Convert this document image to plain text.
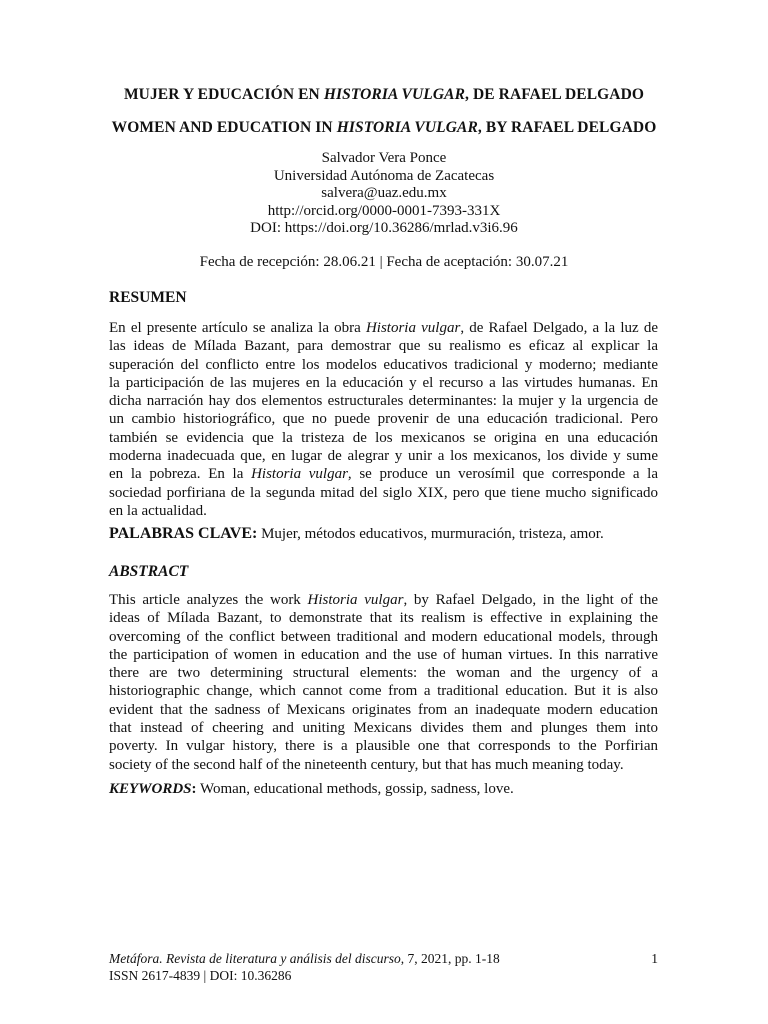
MUJER Y EDUCACIÓN EN HISTORIA VULGAR, DE RAFAEL DELGADO
WOMEN AND EDUCATION IN HISTORIA VULGAR, BY RAFAEL DELGADO
Salvador Vera Ponce
Universidad Autónoma de Zacatecas
salvera@uaz.edu.mx
http://orcid.org/0000-0001-7393-331X
DOI: https://doi.org/10.36286/mrlad.v3i6.96
Fecha de recepción: 28.06.21 | Fecha de aceptación: 30.07.21
RESUMEN
En el presente artículo se analiza la obra Historia vulgar, de Rafael Delgado, a la luz de
las ideas de Mílada Bazant, para demostrar que su realismo es eficaz al explicar la
superación del conflicto entre los modelos educativos tradicional y moderno; mediante
la participación de las mujeres en la educación y el recurso a las virtudes humanas. En
dicha narración hay dos elementos estructurales determinantes: la mujer y la urgencia de
un cambio historiográfico, que no puede provenir de una educación tradicional. Pero
también se evidencia que la tristeza de los mexicanos se origina en una educación
moderna inadecuada que, en lugar de alegrar y unir a los mexicanos, los divide y sume
en la pobreza. En la Historia vulgar, se produce un verosímil que corresponde a la
sociedad porfiriana de la segunda mitad del siglo XIX, pero que tiene mucho significado
en la actualidad.
PALABRAS CLAVE: Mujer, métodos educativos, murmuración, tristeza, amor.
ABSTRACT
This article analyzes the work Historia vulgar, by Rafael Delgado, in the light of the
ideas of Mílada Bazant, to demonstrate that its realism is effective in explaining the
overcoming of the conflict between traditional and modern educational models, through
the participation of women in education and the use of human virtues. In this narrative
there are two determining structural elements: the woman and the urgency of a
historiographic change, which cannot come from a traditional education. But it is also
evident that the sadness of Mexicans originates from an inadequate modern education
that instead of cheering and uniting Mexicans divides them and plunges them into
poverty. In vulgar history, there is a plausible one that corresponds to the Porfirian
society of the second half of the nineteenth century, but that has much meaning today.
KEYWORDS: Woman, educational methods, gossip, sadness, love.
Metáfora. Revista de literatura y análisis del discurso, 7, 2021, pp. 1-18	1
ISSN 2617-4839 | DOI: 10.36286
